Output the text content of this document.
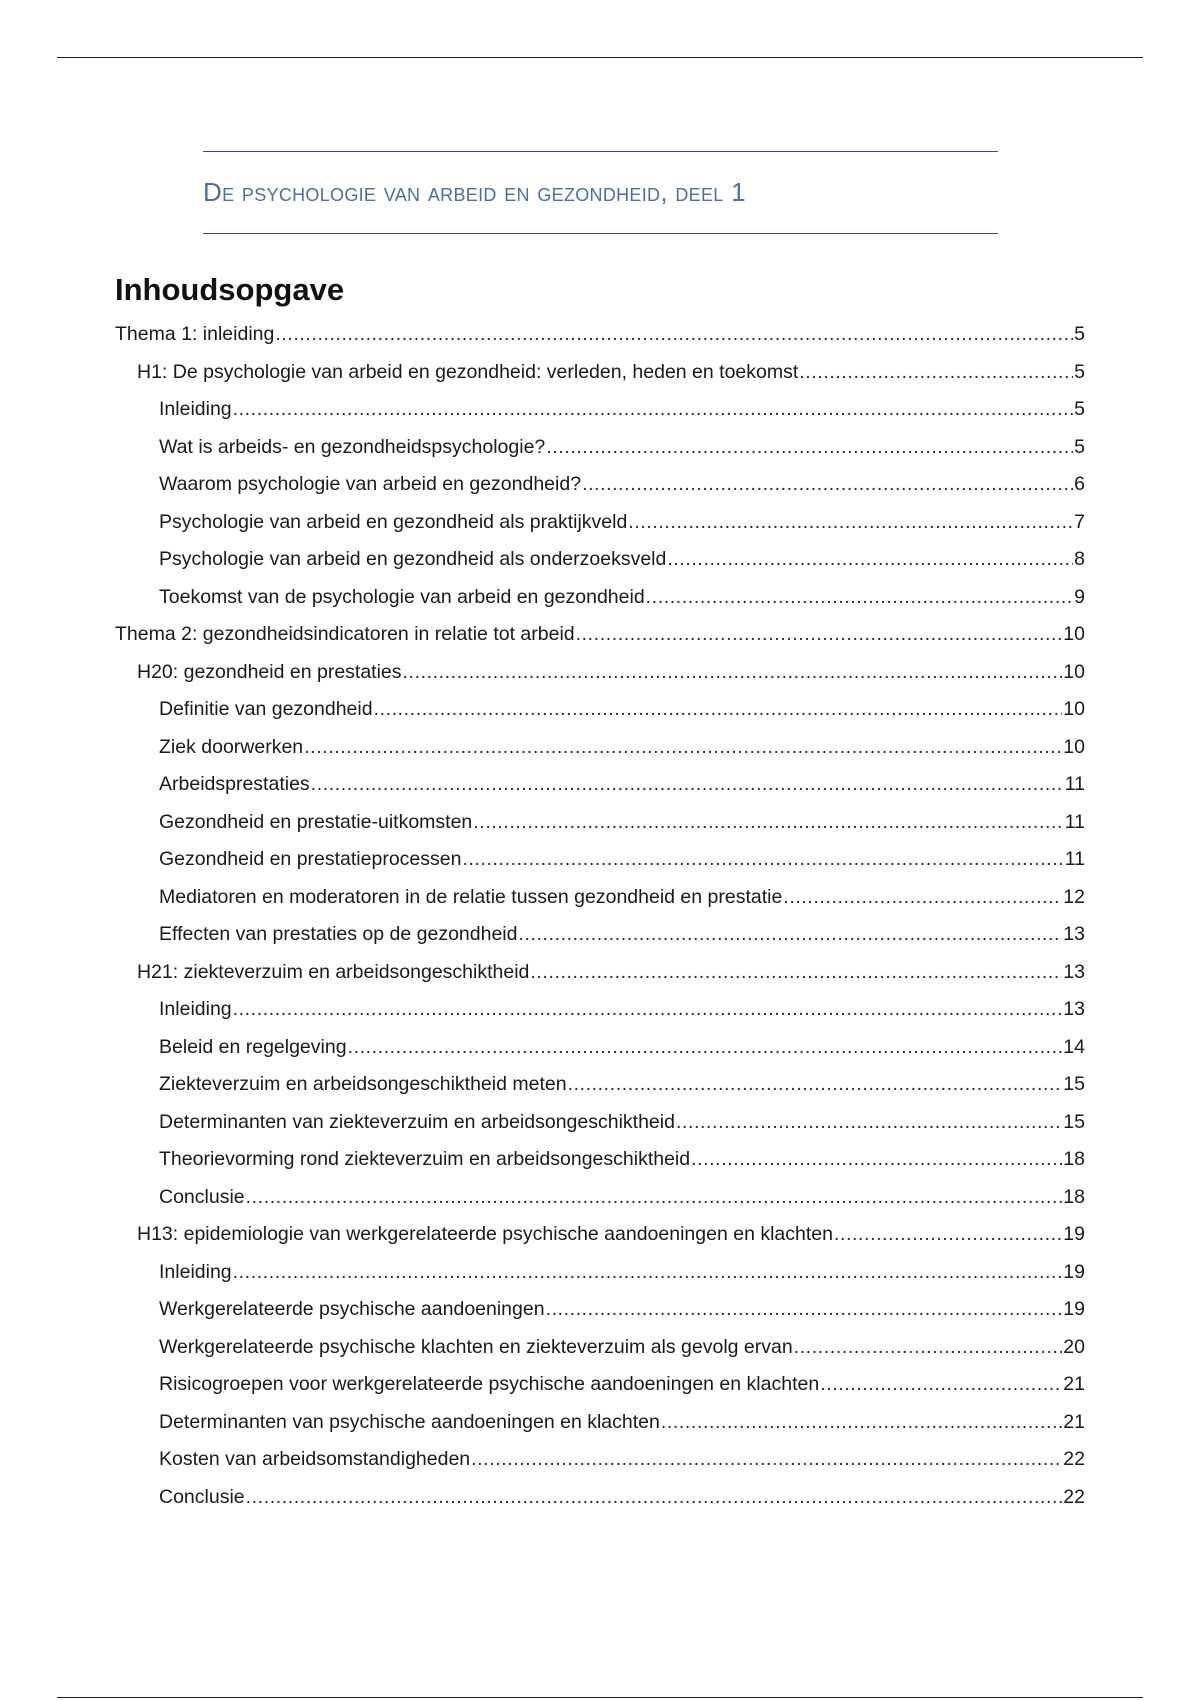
De psychologie van arbeid en gezondheid, deel 1
Inhoudsopgave
Thema 1: inleiding .....	5
H1: De psychologie van arbeid en gezondheid: verleden, heden en toekomst .....	5
Inleiding .....	5
Wat is arbeids- en gezondheidspsychologie? .....	5
Waarom psychologie van arbeid en gezondheid? .....	6
Psychologie van arbeid en gezondheid als praktijkveld .....	7
Psychologie van arbeid en gezondheid als onderzoeksveld .....	8
Toekomst van de psychologie van arbeid en gezondheid .....	9
Thema 2: gezondheidsindicatoren in relatie tot arbeid .....	10
H20: gezondheid en prestaties .....	10
Definitie van gezondheid .....	10
Ziek doorwerken .....	10
Arbeidsprestaties .....	11
Gezondheid en prestatie-uitkomsten .....	11
Gezondheid en prestatieprocessen .....	11
Mediatoren en moderatoren in de relatie tussen gezondheid en prestatie .....	12
Effecten van prestaties op de gezondheid .....	13
H21: ziekteverzuim en arbeidsongeschiktheid .....	13
Inleiding .....	13
Beleid en regelgeving .....	14
Ziekteverzuim en arbeidsongeschiktheid meten .....	15
Determinanten van ziekteverzuim en arbeidsongeschiktheid .....	15
Theorievorming rond ziekteverzuim en arbeidsongeschiktheid .....	18
Conclusie .....	18
H13: epidemiologie van werkgerelateerde psychische aandoeningen en klachten .....	19
Inleiding .....	19
Werkgerelateerde psychische aandoeningen .....	19
Werkgerelateerde psychische klachten en ziekteverzuim als gevolg ervan .....	20
Risicogroepen voor werkgerelateerde psychische aandoeningen en klachten .....	21
Determinanten van psychische aandoeningen en klachten .....	21
Kosten van arbeidsomstandigheden .....	22
Conclusie .....	22
